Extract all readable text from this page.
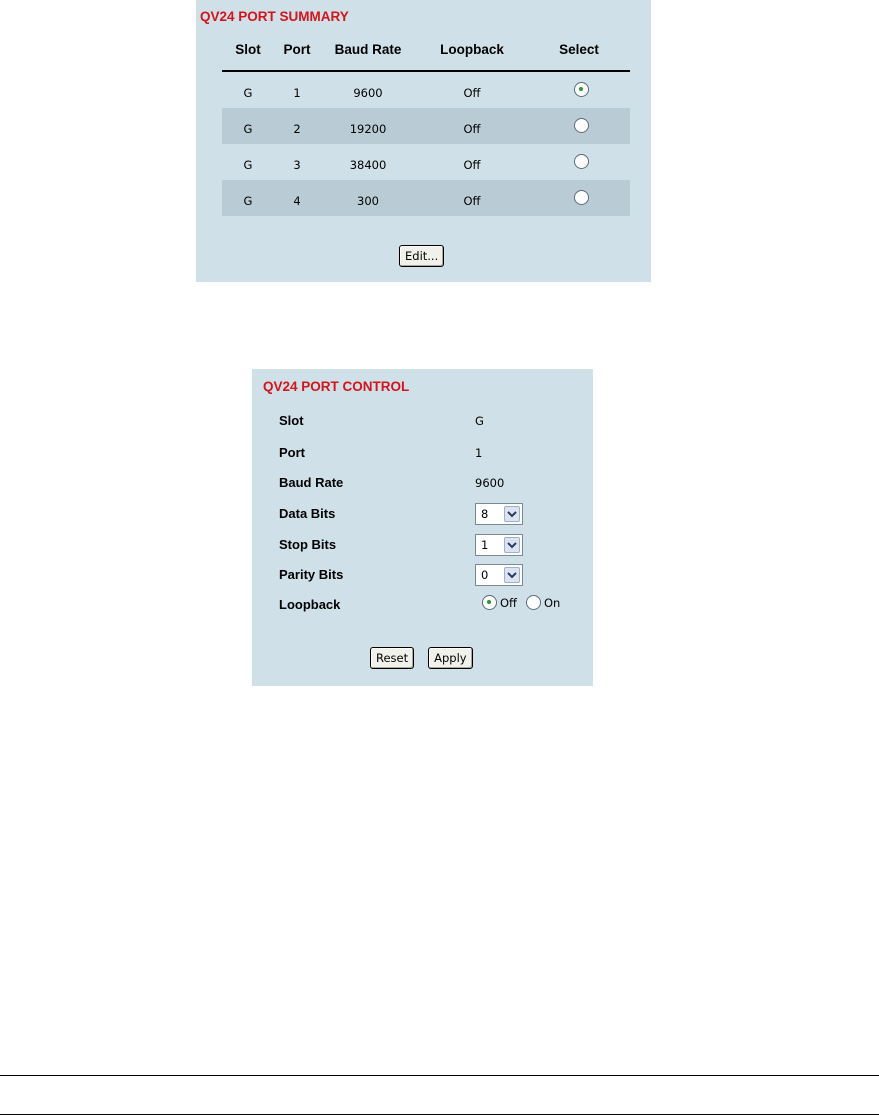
QV24 PORT SUMMARY
Slot	Port	Baud Rate	Loopback	Select
G	1	9600	Off
G	2	19200	Off
G	3	38400	Off
G	4	300	Off
Edit...
QV24 PORT CONTROL
Slot	G
Port	1
Baud Rate	9600
Data Bits	8
Stop Bits	1
Parity Bits	0
Loopback	Off On
Reset	Apply
